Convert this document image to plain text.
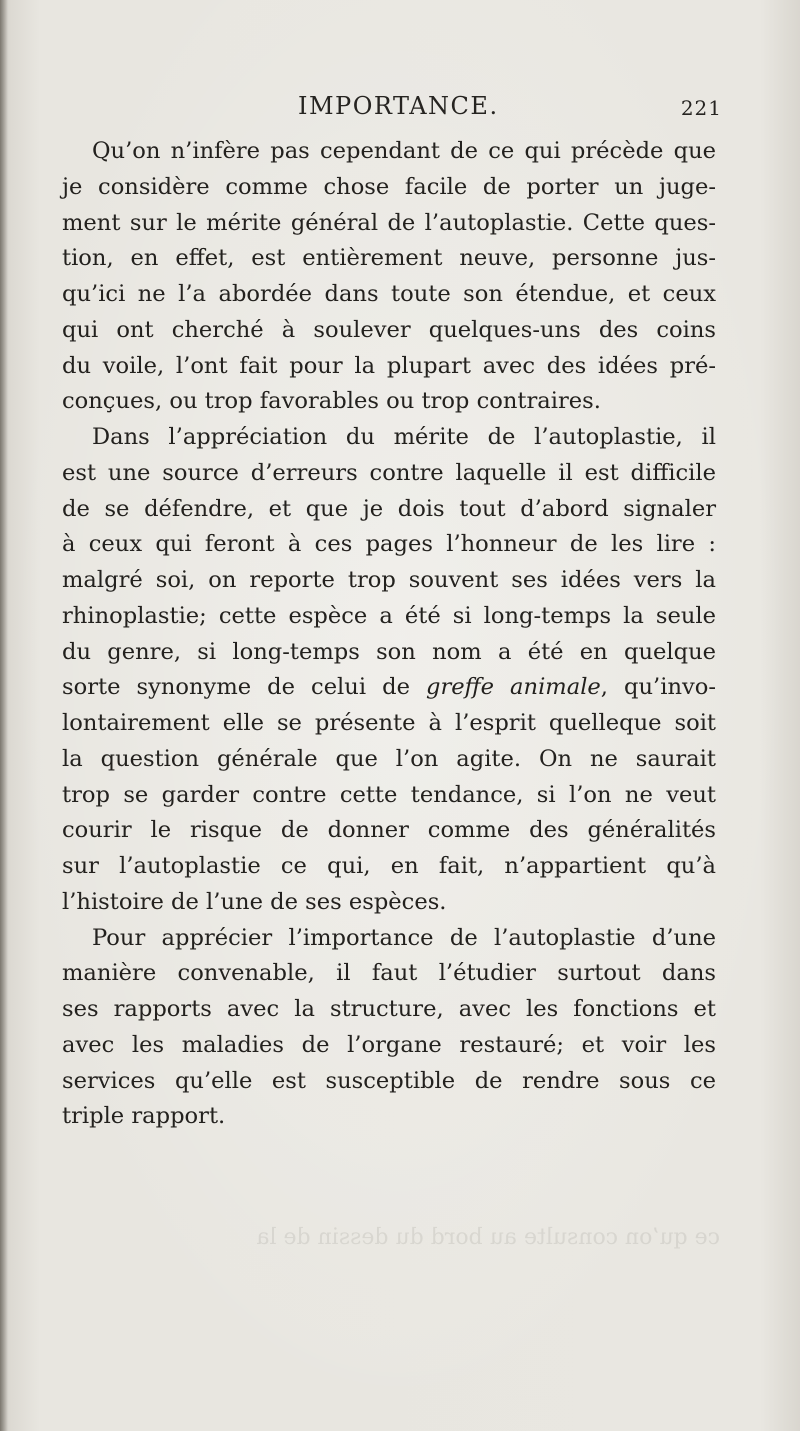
IMPORTANCE.	221
ce qu’on consulte au bord du dessin de la

Qu’on n’infère pas cependant de ce qui précède que
je considère comme chose facile de porter un juge-
ment sur le mérite général de l’autoplastie. Cette ques-
tion, en effet, est entièrement neuve, personne jus-
qu’ici ne l’a abordée dans toute son étendue, et ceux
qui ont cherché à soulever quelques-uns des coins
du voile, l’ont fait pour la plupart avec des idées pré-
conçues, ou trop favorables ou trop contraires.

Dans l’appréciation du mérite de l’autoplastie, il
est une source d’erreurs contre laquelle il est difficile
de se défendre, et que je dois tout d’abord signaler
à ceux qui feront à ces pages l’honneur de les lire :
malgré soi, on reporte trop souvent ses idées vers la
rhinoplastie; cette espèce a été si long-temps la seule
du genre, si long-temps son nom a été en quelque
sorte synonyme de celui de greffe animale, qu’invo-
lontairement elle se présente à l’esprit quelleque soit
la question générale que l’on agite. On ne saurait
trop se garder contre cette tendance, si l’on ne veut
courir le risque de donner comme des généralités
sur l’autoplastie ce qui, en fait, n’appartient qu’à
l’histoire de l’une de ses espèces.

Pour apprécier l’importance de l’autoplastie d’une
manière convenable, il faut l’étudier surtout dans
ses rapports avec la structure, avec les fonctions et
avec les maladies de l’organe restauré; et voir les
services qu’elle est susceptible de rendre sous ce
triple rapport.
